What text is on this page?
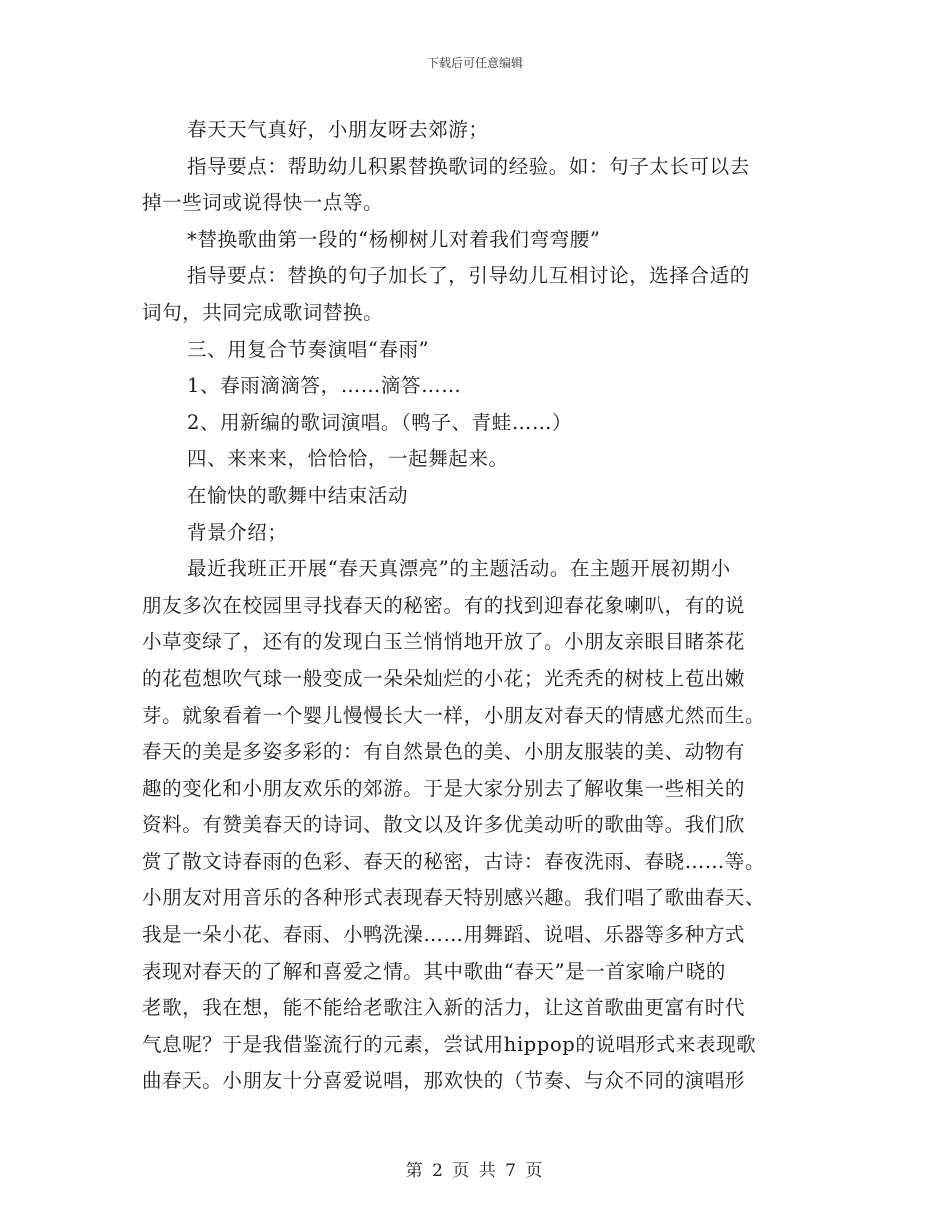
下载后可任意编辑
春天天气真好，小朋友呀去郊游；
指导要点：帮助幼儿积累替换歌词的经验。如：句子太长可以去
掉一些词或说得快一点等。
*替换歌曲第一段的“杨柳树儿对着我们弯弯腰”
指导要点：替换的句子加长了，引导幼儿互相讨论，选择合适的
词句，共同完成歌词替换。
三、用复合节奏演唱“春雨”
1、春雨滴滴答，……滴答……
2、用新编的歌词演唱。（鸭子、青蛙……）
四、来来来，恰恰恰，一起舞起来。
在愉快的歌舞中结束活动
背景介绍；
最近我班正开展“春天真漂亮”的主题活动。在主题开展初期小
朋友多次在校园里寻找春天的秘密。有的找到迎春花象喇叭，有的说
小草变绿了，还有的发现白玉兰悄悄地开放了。小朋友亲眼目睹茶花
的花苞想吹气球一般变成一朵朵灿烂的小花；光秃秃的树枝上苞出嫩
芽。就象看着一个婴儿慢慢长大一样，小朋友对春天的情感尤然而生。
春天的美是多姿多彩的：有自然景色的美、小朋友服装的美、动物有
趣的变化和小朋友欢乐的郊游。于是大家分别去了解收集一些相关的
资料。有赞美春天的诗词、散文以及许多优美动听的歌曲等。我们欣
赏了散文诗春雨的色彩、春天的秘密，古诗：春夜洗雨、春晓……等。
小朋友对用音乐的各种形式表现春天特别感兴趣。我们唱了歌曲春天、
我是一朵小花、春雨、小鸭洗澡……用舞蹈、说唱、乐器等多种方式
表现对春天的了解和喜爱之情。其中歌曲“春天”是一首家喻户晓的
老歌，我在想，能不能给老歌注入新的活力，让这首歌曲更富有时代
气息呢？于是我借鉴流行的元素，尝试用hippop的说唱形式来表现歌
曲春天。小朋友十分喜爱说唱，那欢快的（节奏、与众不同的演唱形
第 2 页 共 7 页
